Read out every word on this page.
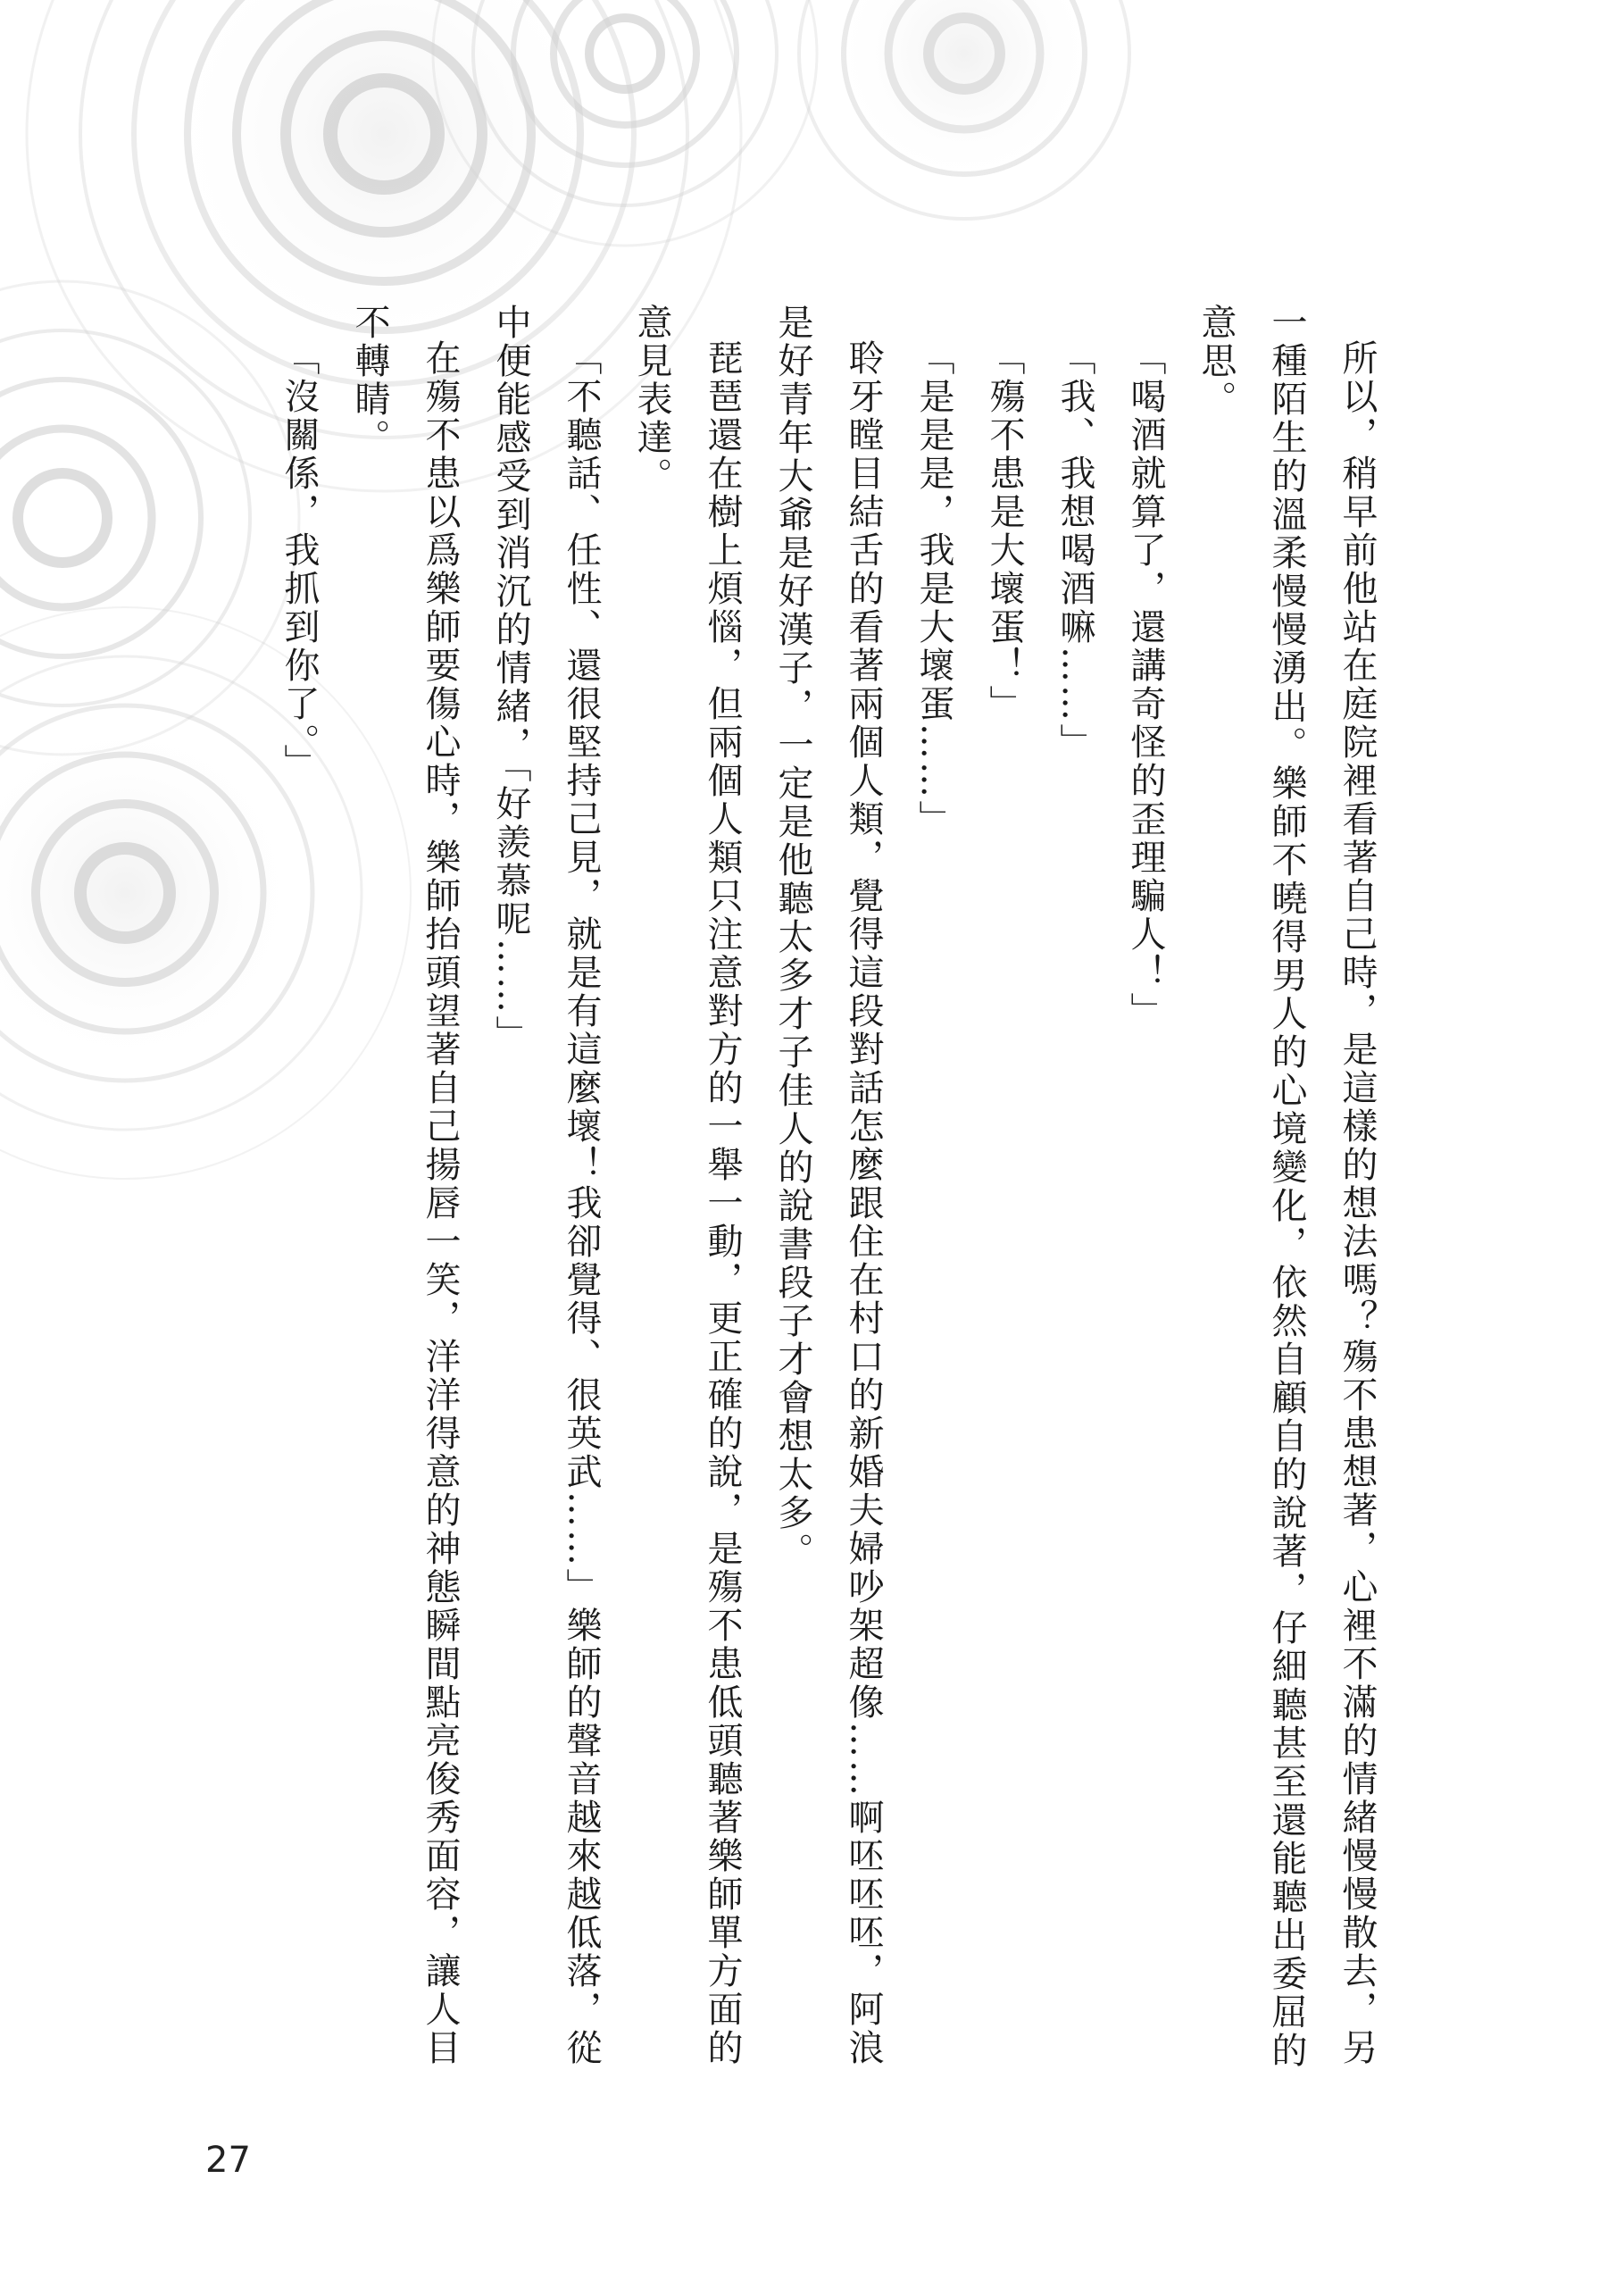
所以，稍早前他站在庭院裡看著自己時，是這樣的想法嗎？殤不患想著，心裡不滿的情緒慢慢散去，另一種陌生的溫柔慢慢湧出。樂師不曉得男人的心境變化，依然自顧自的說著，仔細聽甚至還能聽出委屈的意思。

「喝酒就算了，還講奇怪的歪理騙人！」

「我、我想喝酒嘛……」

「殤不患是大壞蛋！」

「是是是，我是大壞蛋……」

聆牙瞠目結舌的看著兩個人類，覺得這段對話怎麼跟住在村口的新婚夫婦吵架超像……啊呸呸呸，阿浪是好青年大爺是好漢子，一定是他聽太多才子佳人的說書段子才會想太多。

琵琶還在樹上煩惱，但兩個人類只注意對方的一舉一動，更正確的說，是殤不患低頭聽著樂師單方面的意見表達。

「不聽話、任性、還很堅持己見，就是有這麼壞！我卻覺得、很英武……」樂師的聲音越來越低落，從中便能感受到消沉的情緒，「好羨慕呢……」

在殤不患以爲樂師要傷心時，樂師抬頭望著自己揚唇一笑，洋洋得意的神態瞬間點亮俊秀面容，讓人目不轉睛。

「沒關係，我抓到你了。」

27
